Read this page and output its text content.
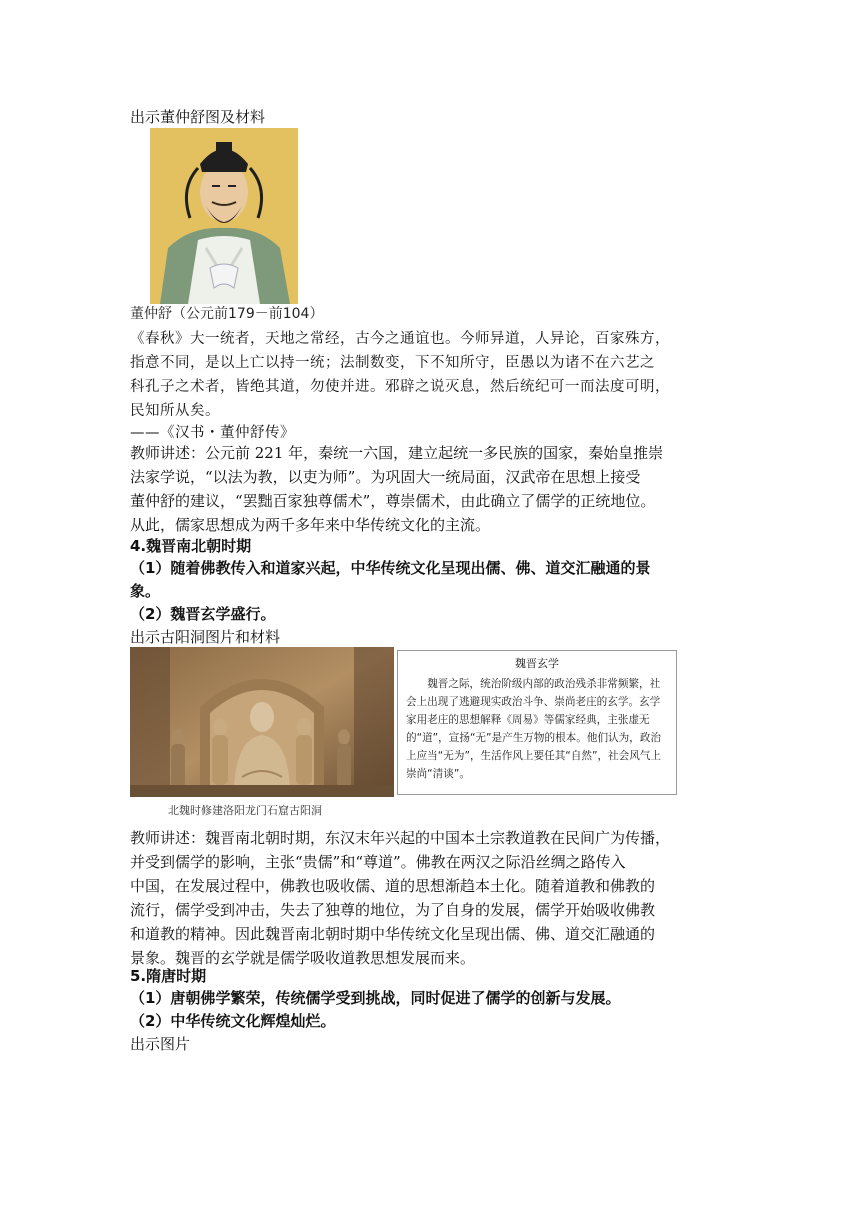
出示董仲舒图及材料

董仲舒（公元前179－前104）

《春秋》大一统者，天地之常经，古今之通谊也。今师异道，人异论，百家殊方，

指意不同，是以上亡以持一统；法制数变，下不知所守，臣愚以为诸不在六艺之

科孔子之术者，皆绝其道，勿使并进。邪辟之说灭息，然后统纪可一而法度可明，

民知所从矣。

——《汉书・董仲舒传》

教师讲述：公元前 221 年，秦统一六国，建立起统一多民族的国家，秦始皇推崇

法家学说，“以法为教，以吏为师”。为巩固大一统局面，汉武帝在思想上接受

董仲舒的建议，“罢黜百家独尊儒术”，尊崇儒术，由此确立了儒学的正统地位。

从此，儒家思想成为两千多年来中华传统文化的主流。

4.魏晋南北朝时期

（1）随着佛教传入和道家兴起，中华传统文化呈现出儒、佛、道交汇融通的景

象。

（2）魏晋玄学盛行。

出示古阳洞图片和材料

北魏时修建洛阳龙门石窟古阳洞
魏晋玄学
魏晋之际，统治阶级内部的政治残杀非常频繁，社会上出现了逃避现实政治斗争、崇尚老庄的玄学。玄学家用老庄的思想解释《周易》等儒家经典，主张虚无的“道”，宣扬“无”是产生万物的根本。他们认为，政治上应当“无为”，生活作风上要任其“自然”，社会风气上崇尚“清谈”。

教师讲述：魏晋南北朝时期，东汉末年兴起的中国本土宗教道教在民间广为传播，

并受到儒学的影响，主张“贵儒”和“尊道”。佛教在两汉之际沿丝绸之路传入

中国，在发展过程中，佛教也吸收儒、道的思想渐趋本土化。随着道教和佛教的

流行，儒学受到冲击，失去了独尊的地位，为了自身的发展，儒学开始吸收佛教

和道教的精神。因此魏晋南北朝时期中华传统文化呈现出儒、佛、道交汇融通的

景象。魏晋的玄学就是儒学吸收道教思想发展而来。

5.隋唐时期

（1）唐朝佛学繁荣，传统儒学受到挑战，同时促进了儒学的创新与发展。

（2）中华传统文化辉煌灿烂。

出示图片
